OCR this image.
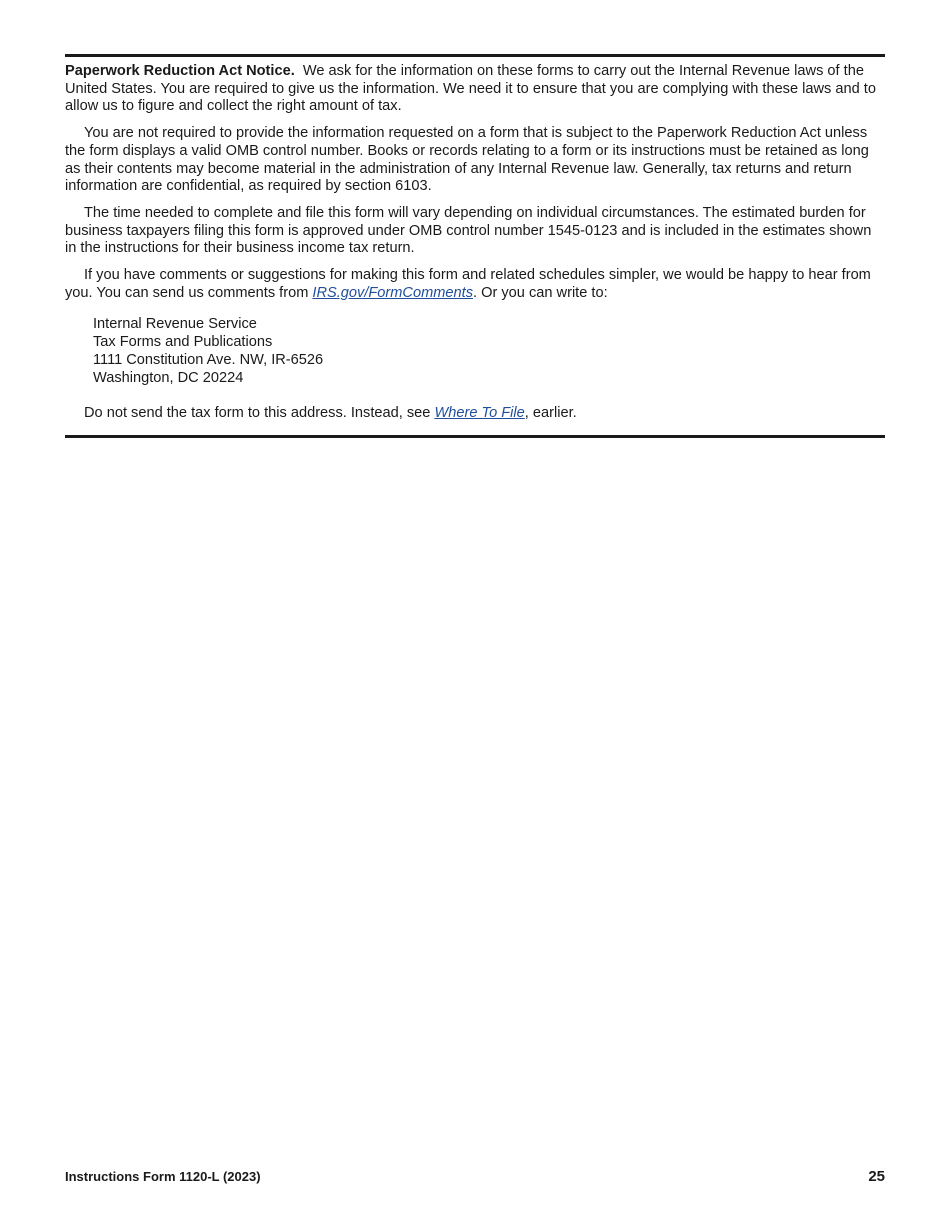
Paperwork Reduction Act Notice. We ask for the information on these forms to carry out the Internal Revenue laws of the United States. You are required to give us the information. We need it to ensure that you are complying with these laws and to allow us to figure and collect the right amount of tax.

You are not required to provide the information requested on a form that is subject to the Paperwork Reduction Act unless the form displays a valid OMB control number. Books or records relating to a form or its instructions must be retained as long as their contents may become material in the administration of any Internal Revenue law. Generally, tax returns and return information are confidential, as required by section 6103.

The time needed to complete and file this form will vary depending on individual circumstances. The estimated burden for business taxpayers filing this form is approved under OMB control number 1545-0123 and is included in the estimates shown in the instructions for their business income tax return.

If you have comments or suggestions for making this form and related schedules simpler, we would be happy to hear from you. You can send us comments from IRS.gov/FormComments. Or you can write to:

Internal Revenue Service
Tax Forms and Publications
1111 Constitution Ave. NW, IR-6526
Washington, DC 20224

Do not send the tax form to this address. Instead, see Where To File, earlier.

Instructions Form 1120-L (2023)	25
